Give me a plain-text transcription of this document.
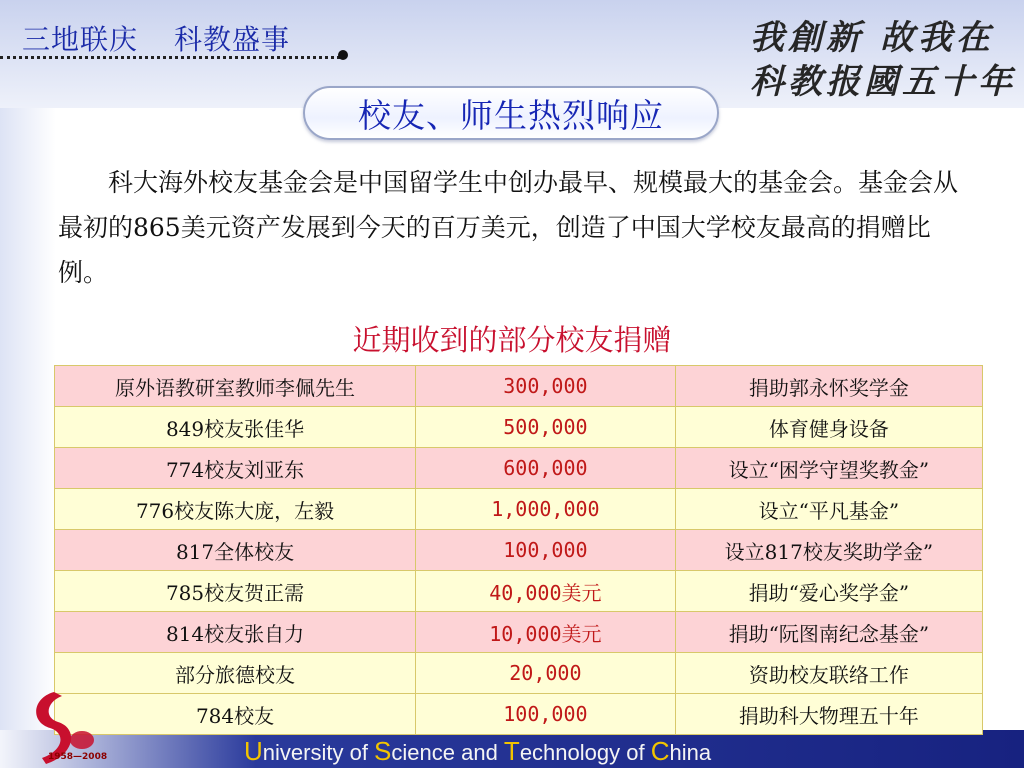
三地联庆 科教盛事	我創新 故我在
科教报國五十年
校友、师生热烈响应
　　科大海外校友基金会是中国留学生中创办最早、规模最大的基金会。基金会从最初的865美元资产发展到今天的百万美元，创造了中国大学校友最高的捐赠比例。
近期收到的部分校友捐赠
原外语教研室教师李佩先生	300,000	捐助郭永怀奖学金
849校友张佳华	500,000	体育健身设备
774校友刘亚东	600,000	设立“困学守望奖教金”
776校友陈大庞，左毅	1,000,000	设立“平凡基金”
817全体校友	100,000	设立817校友奖助学金”
785校友贺正需	40,000美元	捐助“爱心奖学金”
814校友张自力	10,000美元	捐助“阮图南纪念基金”
部分旅德校友	20,000	资助校友联络工作
784校友	100,000	捐助科大物理五十年
1958—2008	University of Science and Technology of China
